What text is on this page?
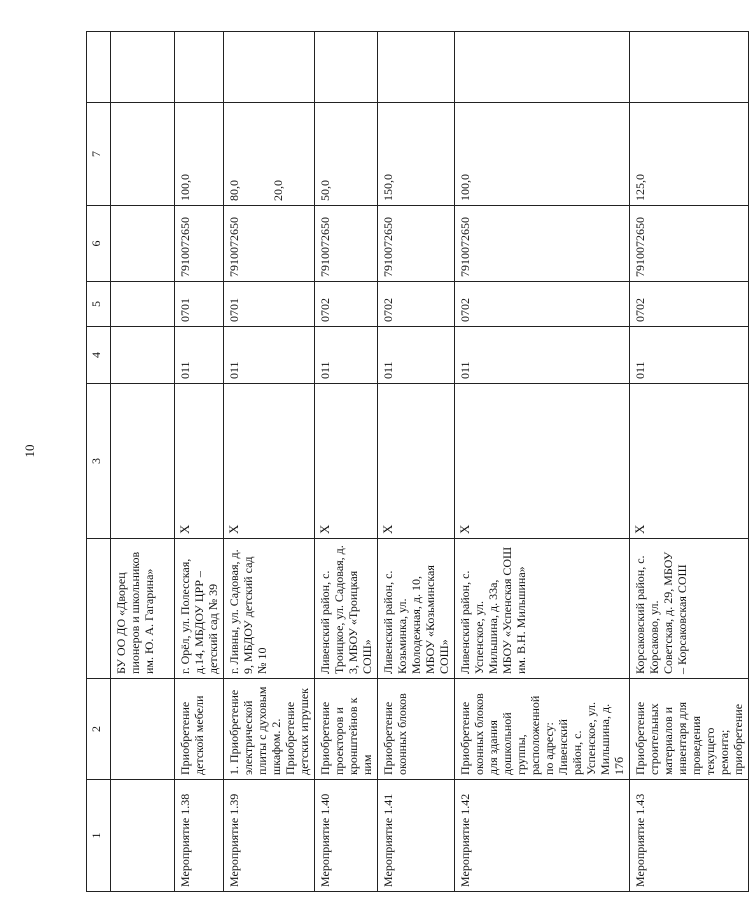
10
1	2		3	4	5	6	7	
		БУ ОО ДО «Дворец пионеров и школьников им. Ю. А. Гагарина»						
Мероприятие 1.38	Приобретение детской мебели	г. Орёл, ул. Полесская, д.14, МБДОУ ЦРР – детский сад № 39	Х	011	0701	7910072650	100,0	
Мероприятие 1.39	1. Приобретение электрической плиты с духовым шкафом. 2. Приобретение детских игрушек	г. Ливны, ул. Садовая, д. 9, МБДОУ детский сад № 10	Х	011	0701	7910072650	80,0 20,0	

Мероприятие 1.40	Приобретение проекторов и кронштейнов к ним	Ливенский район, с. Троицкое, ул. Садовая, д. 3, МБОУ «Троицкая СОШ»	Х	011	0702	7910072650	50,0	
Мероприятие 1.41	Приобретение оконных блоков	Ливенский район, с. Козьминка, ул. Молодежная, д. 10, МБОУ «Козьминская СОШ»	Х	011	0702	7910072650	150,0	
Мероприятие 1.42	Приобретение оконных блоков для здания дошкольной группы, расположенной по адресу: Ливенский район, с. Успенское, ул. Мильшина, д. 17б	Ливенский район, с. Успенское, ул. Мильшина, д. 33а, МБОУ «Успенская СОШ им. В.Н. Мильшина»	Х	011	0702	7910072650	100,0	
Мероприятие 1.43	Приобретение строительных материалов и инвентаря для проведения текущего ремонта; приобретение	Корсаковский район, с. Корсаково, ул. Советская, д. 29, МБОУ – Корсаковская СОШ	Х	011	0702	7910072650	125,0	
